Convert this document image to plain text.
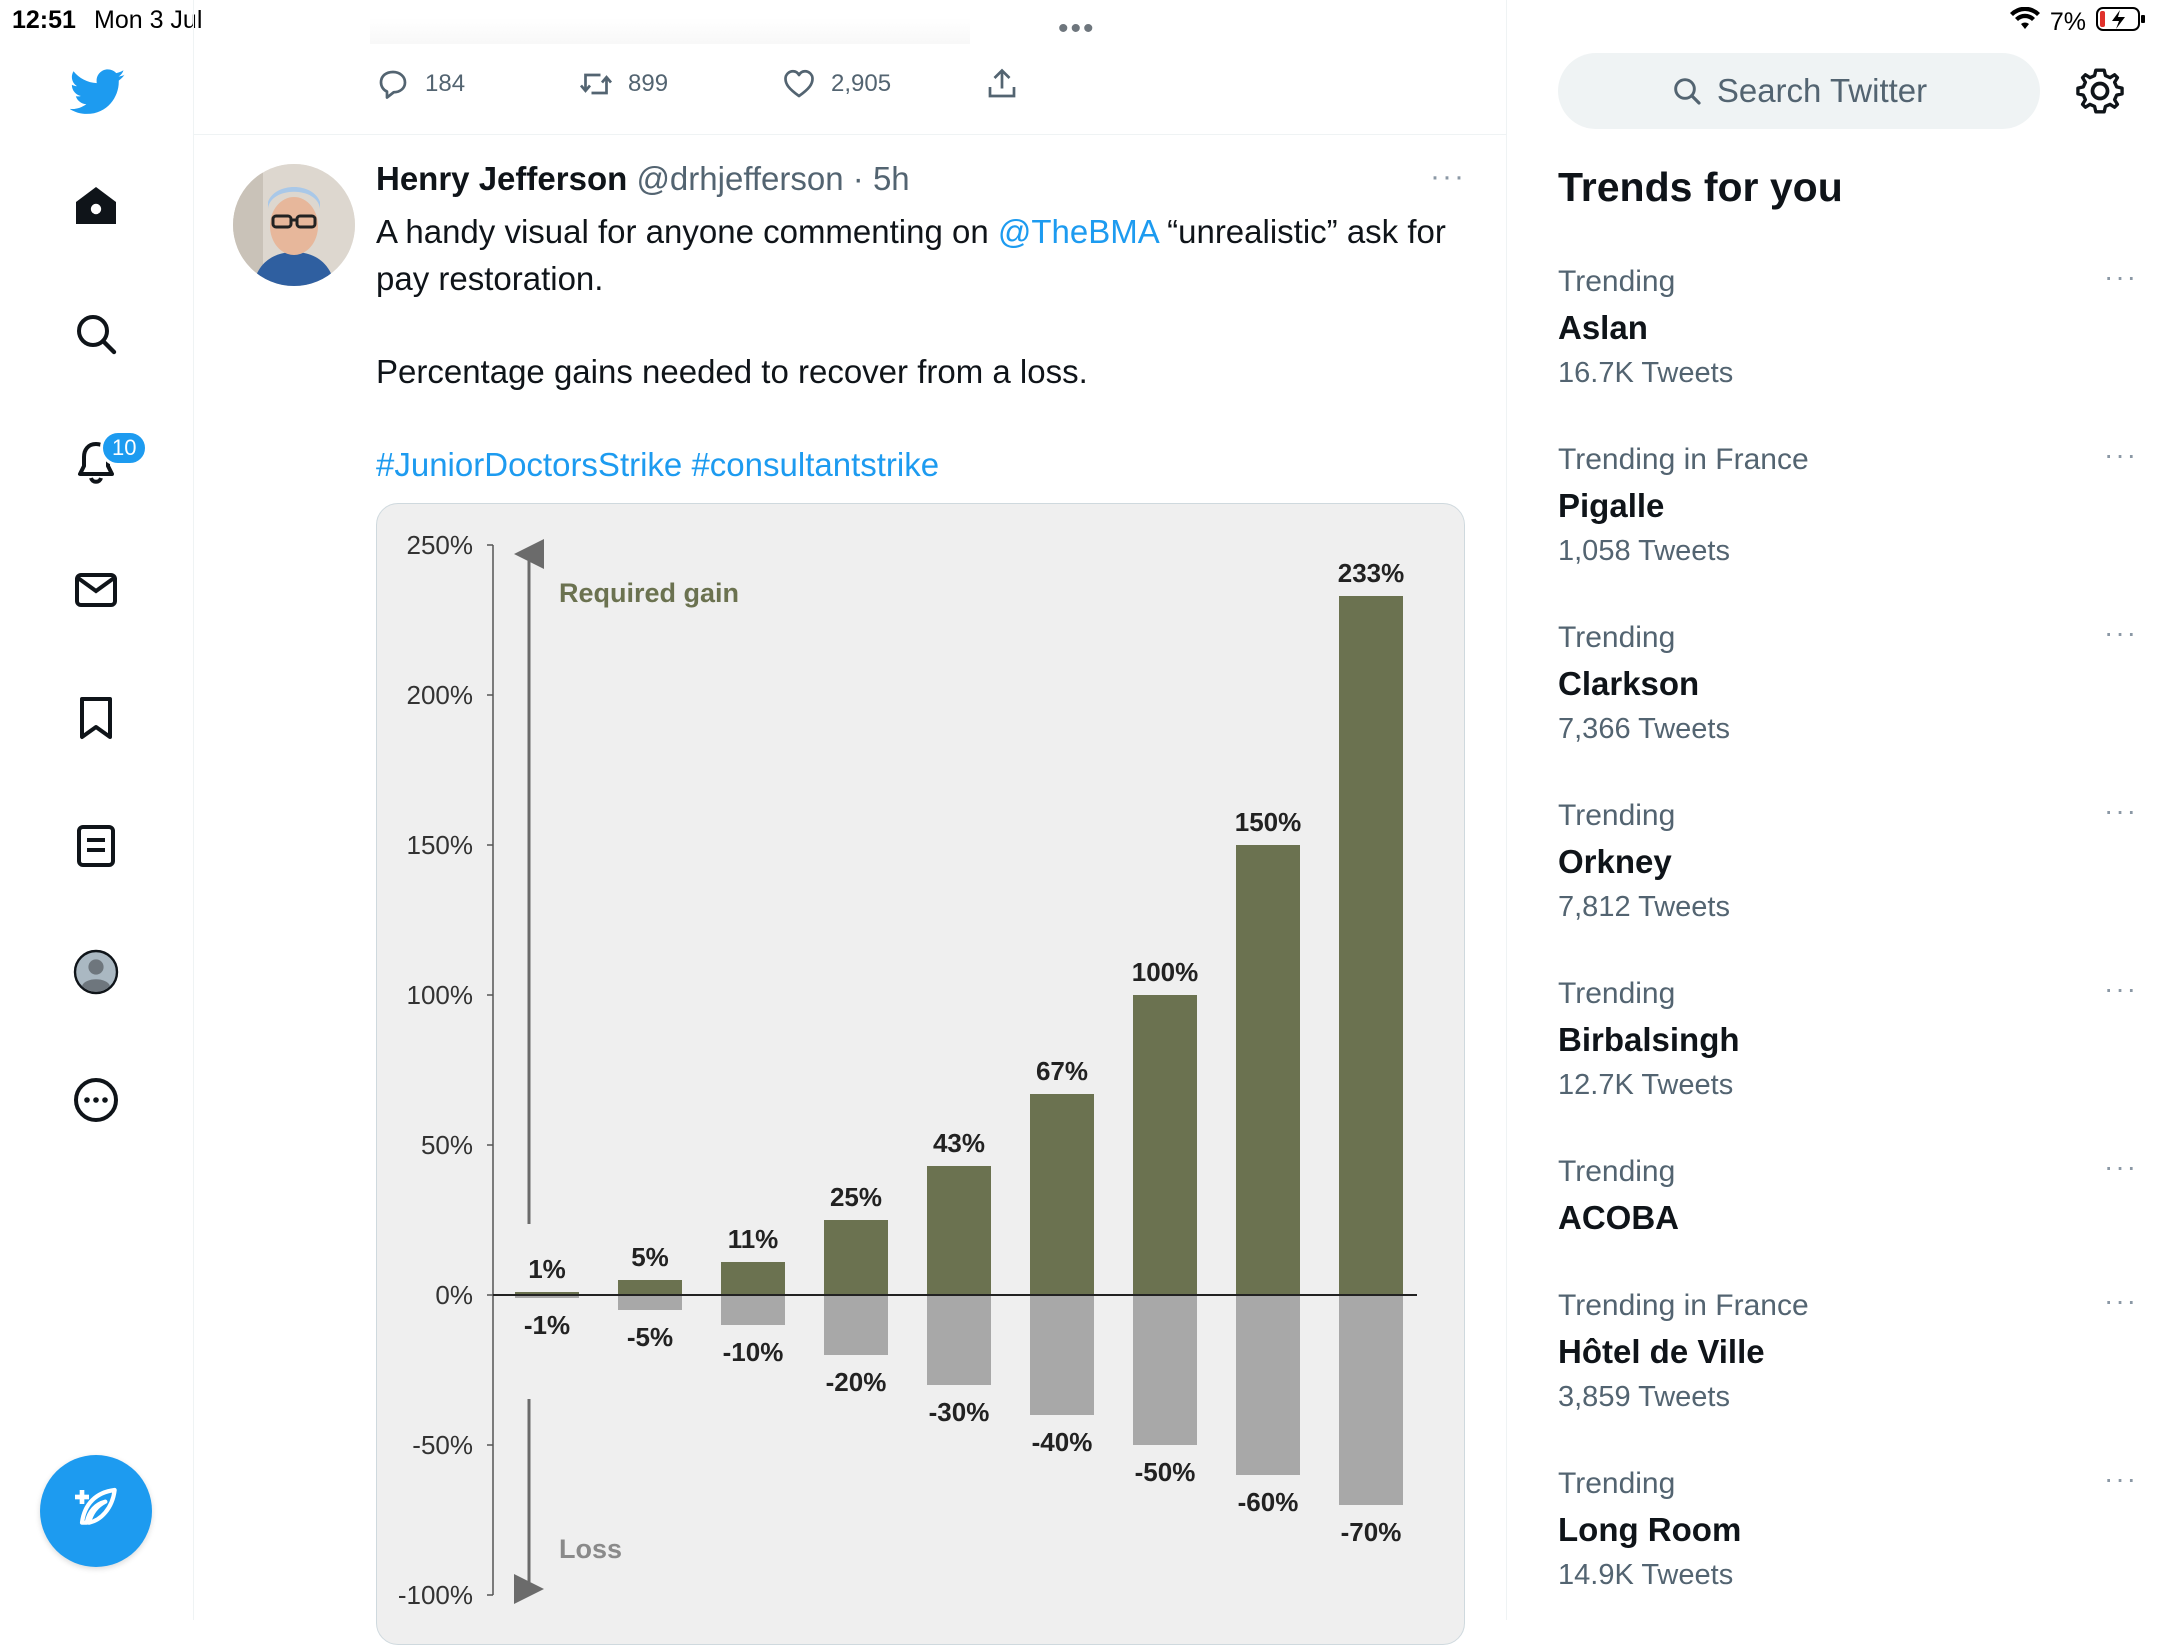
12:51 Mon 3 Jul	•••	7%
10
184	899	2,905
Henry Jefferson @drhjefferson · 5h	···
A handy visual for anyone commenting on @TheBMA “unrealistic” ask for pay restoration.
Percentage gains needed to recover from a loss.
#JuniorDoctorsStrike #consultantstrike
250%
200%
150%
100%
50%
0%
-50%
-100%
1%
-1%
5%
-5%
11%
-10%
25%
-20%
43%
-30%
67%
-40%
100%
-50%
150%
-60%
233%
-70%
Required gain
Loss
Search Twitter
Trends for you
Trending
Aslan
16.7K Tweets
···
Trending in France
Pigalle
1,058 Tweets
···
Trending
Clarkson
7,366 Tweets
···
Trending
Orkney
7,812 Tweets
···
Trending
Birbalsingh
12.7K Tweets
···
Trending
ACOBA
···
Trending in France
Hôtel de Ville
3,859 Tweets
···
Trending
Long Room
14.9K Tweets
···
